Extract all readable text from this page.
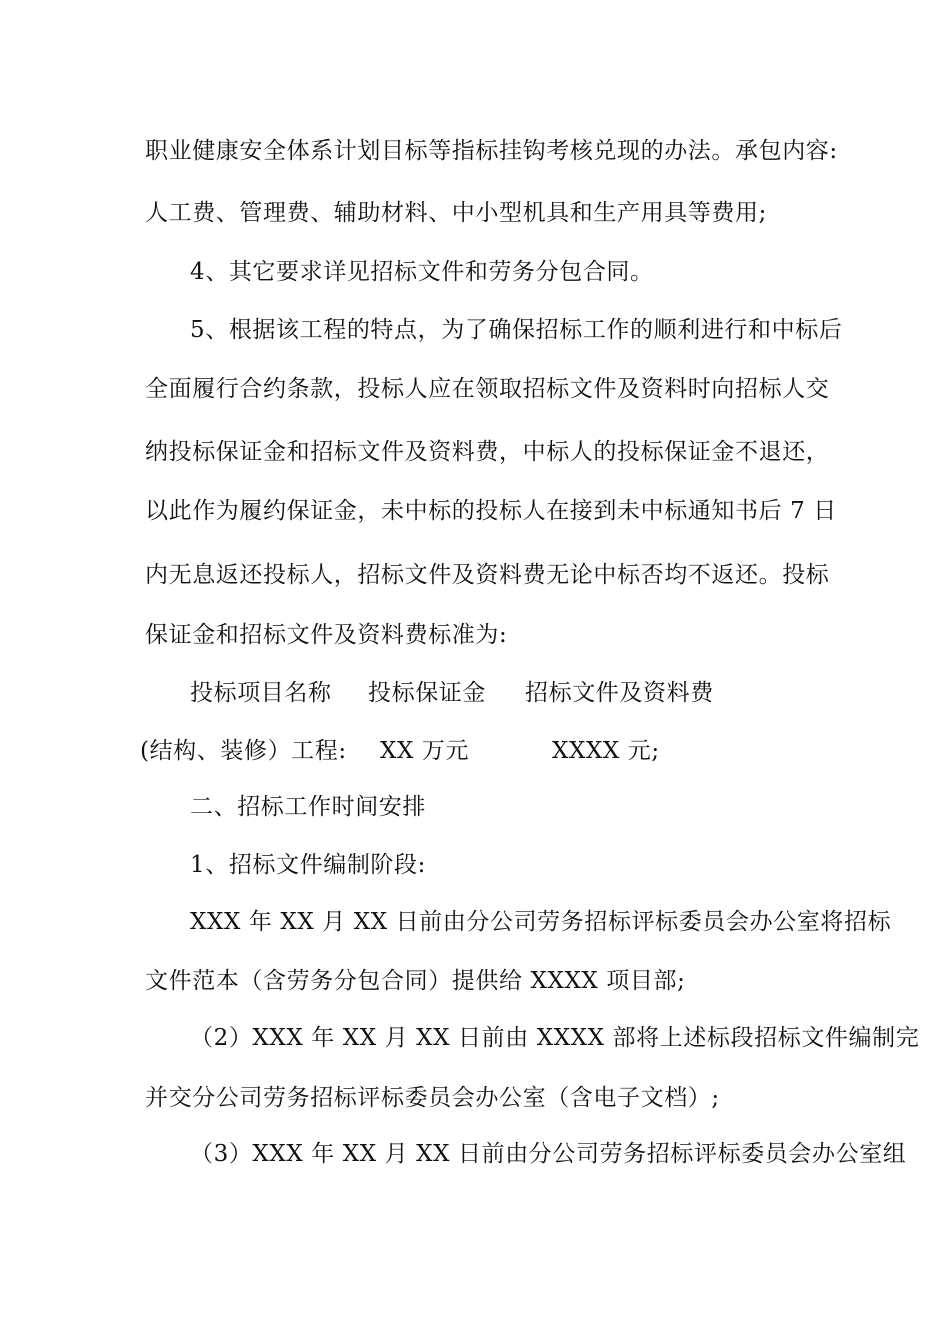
职业健康安全体系计划目标等指标挂钩考核兑现的办法。承包内容:
人工费、管理费、辅助材料、中小型机具和生产用具等费用;
4、其它要求详见招标文件和劳务分包合同。
5、根据该工程的特点，为了确保招标工作的顺利进行和中标后
全面履行合约条款，投标人应在领取招标文件及资料时向招标人交
纳投标保证金和招标文件及资料费，中标人的投标保证金不退还，
以此作为履约保证金，未中标的投标人在接到未中标通知书后 7 日
内无息返还投标人，招标文件及资料费无论中标否均不返还。投标
保证金和招标文件及资料费标准为:
投标项目名称 投标保证金 招标文件及资料费
(结构、装修）工程: XX 万元	XXXX 元;
二、招标工作时间安排
1、招标文件编制阶段:
XXX 年 XX 月 XX 日前由分公司劳务招标评标委员会办公室将招标
文件范本（含劳务分包合同）提供给 XXXX 项目部;
（2）XXX 年 XX 月 XX 日前由 XXXX 部将上述标段招标文件编制完
并交分公司劳务招标评标委员会办公室（含电子文档）;
（3）XXX 年 XX 月 XX 日前由分公司劳务招标评标委员会办公室组
